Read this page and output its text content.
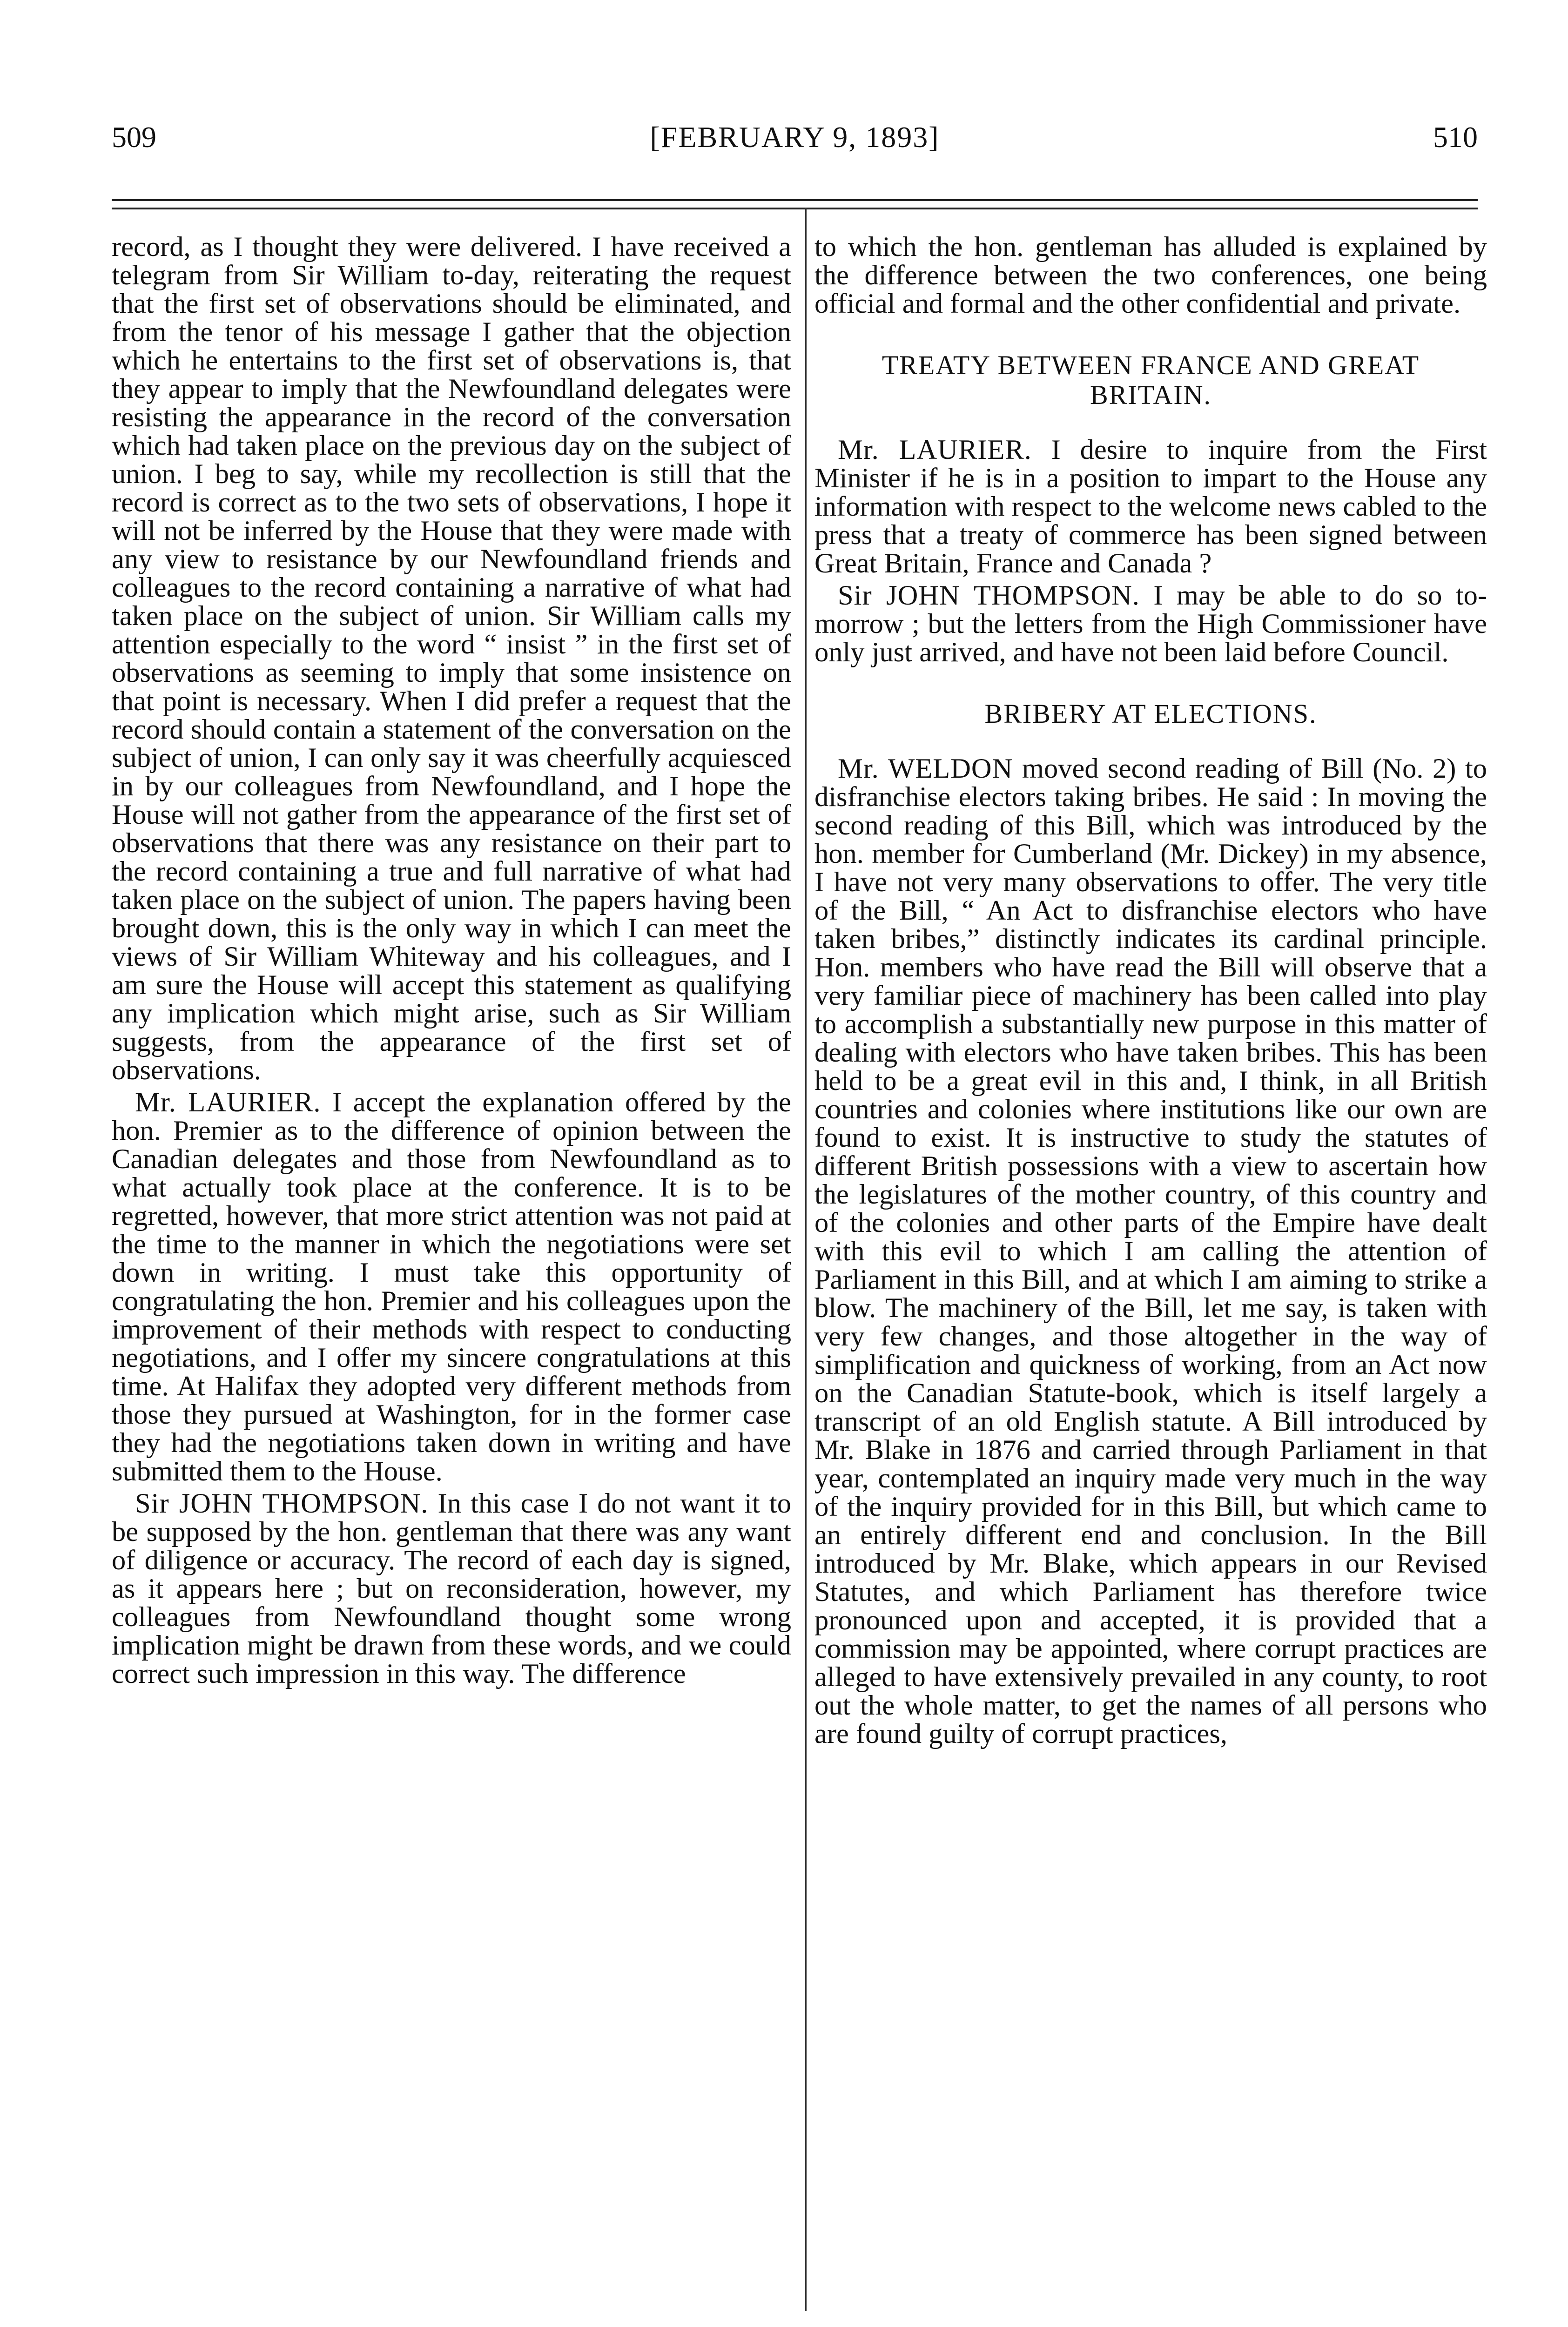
509	[FEBRUARY 9, 1893]	510

record, as I thought they were delivered. I have received a telegram from Sir William to-day, reiterating the request that the first set of observations should be eliminated, and from the tenor of his message I gather that the objection which he entertains to the first set of observations is, that they appear to imply that the Newfoundland delegates were resisting the appearance in the record of the conversation which had taken place on the previous day on the subject of union. I beg to say, while my recollection is still that the record is correct as to the two sets of observations, I hope it will not be inferred by the House that they were made with any view to resistance by our Newfoundland friends and colleagues to the record containing a narrative of what had taken place on the subject of union. Sir William calls my attention especially to the word “ insist ” in the first set of observations as seeming to imply that some insistence on that point is necessary. When I did prefer a request that the record should contain a statement of the conversation on the subject of union, I can only say it was cheerfully acquiesced in by our colleagues from Newfoundland, and I hope the House will not gather from the appearance of the first set of observations that there was any resistance on their part to the record containing a true and full narrative of what had taken place on the subject of union. The papers having been brought down, this is the only way in which I can meet the views of Sir William Whiteway and his colleagues, and I am sure the House will accept this statement as qualifying any implication which might arise, such as Sir William suggests, from the appearance of the first set of observations.

Mr. LAURIER. I accept the explanation offered by the hon. Premier as to the difference of opinion between the Canadian delegates and those from Newfoundland as to what actually took place at the conference. It is to be regretted, however, that more strict attention was not paid at the time to the manner in which the negotiations were set down in writing. I must take this opportunity of congratulating the hon. Premier and his colleagues upon the improvement of their methods with respect to conducting negotiations, and I offer my sincere congratulations at this time. At Halifax they adopted very different methods from those they pursued at Washington, for in the former case they had the negotiations taken down in writing and have submitted them to the House.

Sir JOHN THOMPSON. In this case I do not want it to be supposed by the hon. gentleman that there was any want of diligence or accuracy. The record of each day is signed, as it appears here ; but on reconsideration, however, my colleagues from Newfoundland thought some wrong implication might be drawn from these words, and we could correct such impression in this way. The difference

to which the hon. gentleman has alluded is explained by the difference between the two conferences, one being official and formal and the other confidential and private.

TREATY BETWEEN FRANCE AND GREAT BRITAIN.

Mr. LAURIER. I desire to inquire from the First Minister if he is in a position to impart to the House any information with respect to the welcome news cabled to the press that a treaty of commerce has been signed between Great Britain, France and Canada ?

Sir JOHN THOMPSON. I may be able to do so to-morrow ; but the letters from the High Commissioner have only just arrived, and have not been laid before Council.

BRIBERY AT ELECTIONS.

Mr. WELDON moved second reading of Bill (No. 2) to disfranchise electors taking bribes. He said : In moving the second reading of this Bill, which was introduced by the hon. member for Cumberland (Mr. Dickey) in my absence, I have not very many observations to offer. The very title of the Bill, “ An Act to disfranchise electors who have taken bribes,” distinctly indicates its cardinal principle. Hon. members who have read the Bill will observe that a very familiar piece of machinery has been called into play to accomplish a substantially new purpose in this matter of dealing with electors who have taken bribes. This has been held to be a great evil in this and, I think, in all British countries and colonies where institutions like our own are found to exist. It is instructive to study the statutes of different British possessions with a view to ascertain how the legislatures of the mother country, of this country and of the colonies and other parts of the Empire have dealt with this evil to which I am calling the attention of Parliament in this Bill, and at which I am aiming to strike a blow. The machinery of the Bill, let me say, is taken with very few changes, and those altogether in the way of simplification and quickness of working, from an Act now on the Canadian Statute-book, which is itself largely a transcript of an old English statute. A Bill introduced by Mr. Blake in 1876 and carried through Parliament in that year, contemplated an inquiry made very much in the way of the inquiry provided for in this Bill, but which came to an entirely different end and conclusion. In the Bill introduced by Mr. Blake, which appears in our Revised Statutes, and which Parliament has therefore twice pronounced upon and accepted, it is provided that a commission may be appointed, where corrupt practices are alleged to have extensively prevailed in any county, to root out the whole matter, to get the names of all persons who are found guilty of corrupt practices,
